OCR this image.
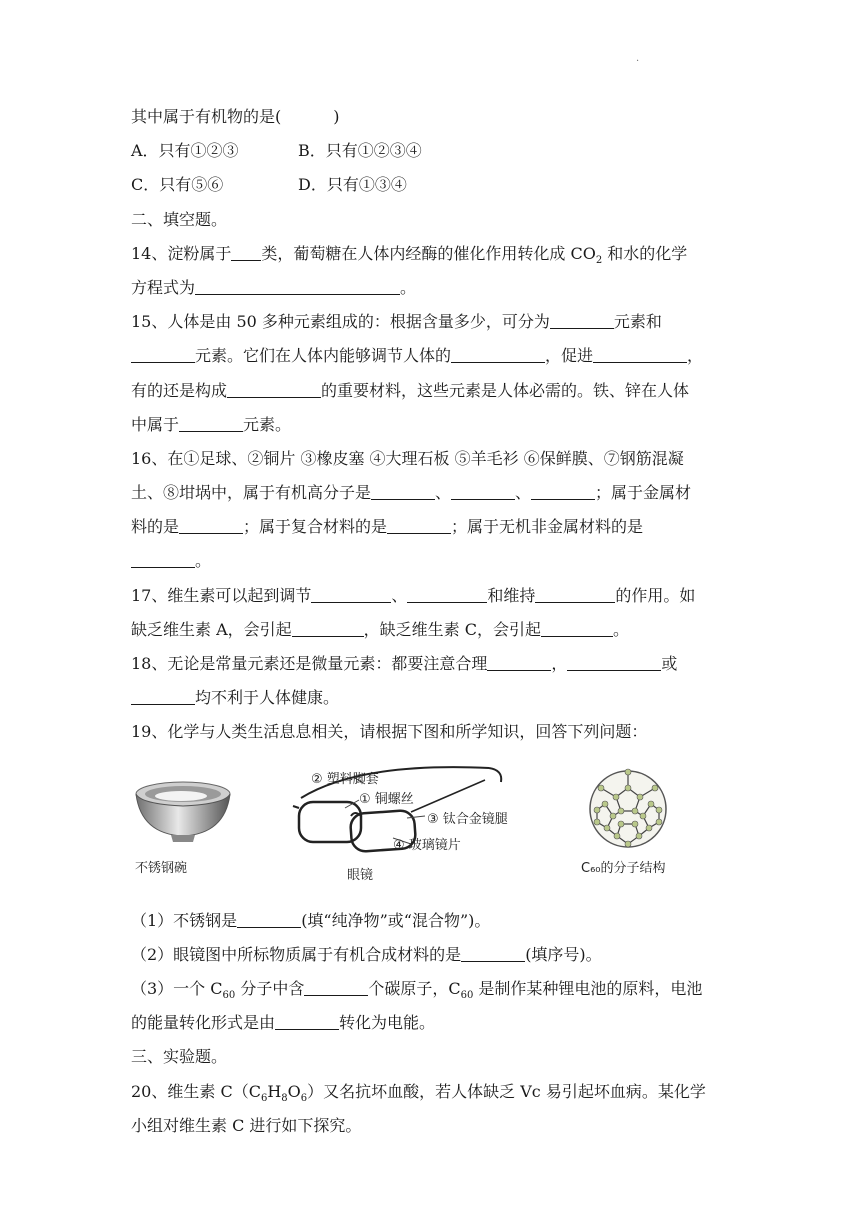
·
其中属于有机物的是(	)
A．只有①②③	B．只有①②③④
C．只有⑤⑥	D．只有①③④
二、填空题。
14、淀粉属于 类，葡萄糖在人体内经酶的催化作用转化成 $CO_2$ 和水的化学
方程式为	。
15、人体是由 50 多种元素组成的：根据含量多少，可分为	元素和
元素。它们在人体内能够调节人体的	，促进	，
有的还是构成	的重要材料，这些元素是人体必需的。铁、锌在人体
中属于	元素。
16、在①足球、②铜片 ③橡皮塞 ④大理石板 ⑤羊毛衫 ⑥保鲜膜、⑦钢筋混凝
土、⑧坩埚中，属于有机高分子是	、	、	；属于金属材
料的是	；属于复合材料的是	；属于无机非金属材料的是
。
17、维生素可以起到调节	、	和维持	的作用。如
缺乏维生素 A，会引起	，缺乏维生素 C，会引起	。
18、无论是常量元素还是微量元素：都要注意合理	，	或
均不利于人体健康。
19、化学与人类生活息息相关，请根据下图和所学知识，回答下列问题：
不锈钢碗
② 塑料脚套
① 铜螺丝
③ 钛合金镜腿
④ 玻璃镜片
眼镜	C₆₀的分子结构
（1）不锈钢是	(填“纯净物”或“混合物”)。
（2）眼镜图中所标物质属于有机合成材料的是	(填序号)。
（3）一个 $C_{60}$ 分子中含	个碳原子，$C_{60}$ 是制作某种锂电池的原料，电池
的能量转化形式是由	转化为电能。
三、实验题。
20、维生素 $C(C_6H_8O_6)$又名抗坏血酸，若人体缺乏 Vc 易引起坏血病。某化学
小组对维生素 C 进行如下探究。
